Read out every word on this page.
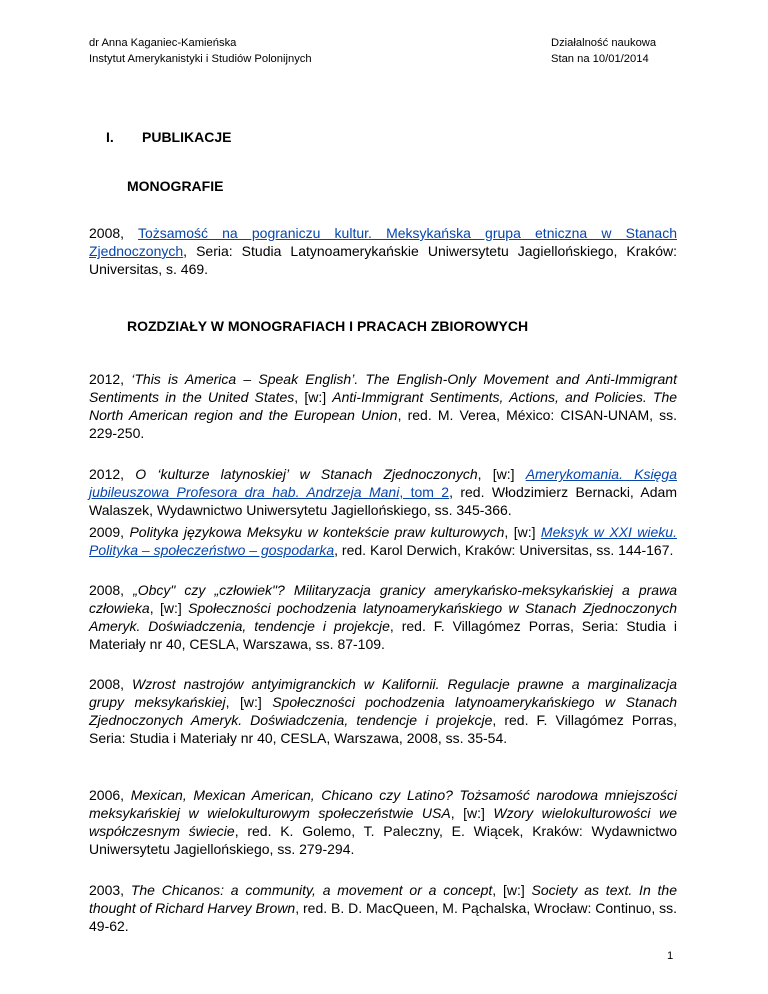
dr Anna Kaganiec-Kamieńska
Instytut Amerykanistyki i Studiów Polonijnych
Działalność naukowa
Stan na 10/01/2014
I. PUBLIKACJE
MONOGRAFIE
2008, Tożsamość na pograniczu kultur. Meksykańska grupa etniczna w Stanach Zjednoczonych, Seria: Studia Latynoamerykańskie Uniwersytetu Jagiellońskiego, Kraków: Universitas, s. 469.
ROZDZIAŁY W MONOGRAFIACH I PRACACH ZBIOROWYCH
2012, ‘This is America – Speak English’. The English-Only Movement and Anti-Immigrant Sentiments in the United States, [w:] Anti-Immigrant Sentiments, Actions, and Policies. The North American region and the European Union, red. M. Verea, México: CISAN-UNAM, ss. 229-250.
2012, O ‘kulturze latynoskiej’ w Stanach Zjednoczonych, [w:] Amerykomania. Księga jubileuszowa Profesora dra hab. Andrzeja Mani, tom 2, red. Włodzimierz Bernacki, Adam Walaszek, Wydawnictwo Uniwersytetu Jagiellońskiego, ss. 345-366.
2009, Polityka językowa Meksyku w kontekście praw kulturowych, [w:] Meksyk w XXI wieku. Polityka – społeczeństwo – gospodarka, red. Karol Derwich, Kraków: Universitas, ss. 144-167.
2008, „Obcy" czy „człowiek"? Militaryzacja granicy amerykańsko-meksykańskiej a prawa człowieka, [w:] Społeczności pochodzenia latynoamerykańskiego w Stanach Zjednoczonych Ameryk. Doświadczenia, tendencje i projekcje, red. F. Villagómez Porras, Seria: Studia i Materiały nr 40, CESLA, Warszawa, ss. 87-109.
2008, Wzrost nastrojów antyimigranckich w Kalifornii. Regulacje prawne a marginalizacja grupy meksykańskiej, [w:] Społeczności pochodzenia latynoamerykańskiego w Stanach Zjednoczonych Ameryk. Doświadczenia, tendencje i projekcje, red. F. Villagómez Porras, Seria: Studia i Materiały nr 40, CESLA, Warszawa, 2008, ss. 35-54.
2006, Mexican, Mexican American, Chicano czy Latino? Tożsamość narodowa mniejszości meksykańskiej w wielokulturowym społeczeństwie USA, [w:] Wzory wielokulturowości we współczesnym świecie, red. K. Golemo, T. Paleczny, E. Wiącek, Kraków: Wydawnictwo Uniwersytetu Jagiellońskiego, ss. 279-294.
2003, The Chicanos: a community, a movement or a concept, [w:] Society as text. In the thought of Richard Harvey Brown, red. B. D. MacQueen, M. Pąchalska, Wrocław: Continuo, ss. 49-62.
1
